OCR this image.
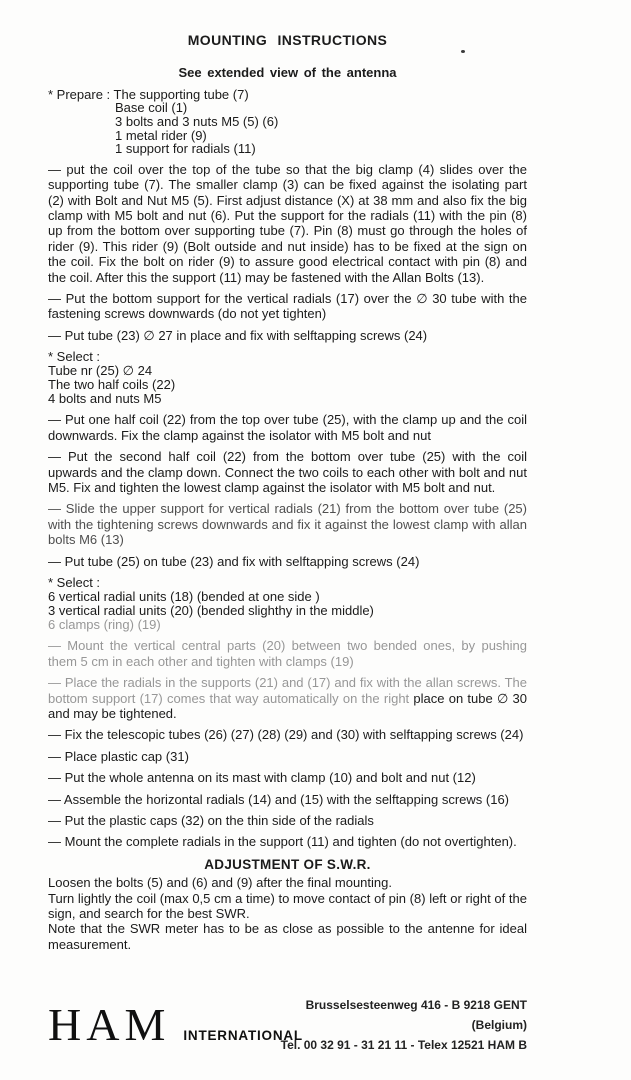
MOUNTING INSTRUCTIONS
See extended view of the antenna
* Prepare : The supporting tube (7)
Base coil (1)
3 bolts and 3 nuts M5 (5) (6)
1 metal rider (9)
1 support for radials (11)
— put the coil over the top of the tube so that the big clamp (4) slides over the supporting tube (7). The smaller clamp (3) can be fixed against the isolating part (2) with Bolt and Nut M5 (5). First adjust distance (X) at 38 mm and also fix the big clamp with M5 bolt and nut (6). Put the support for the radials (11) with the pin (8) up from the bottom over supporting tube (7). Pin (8) must go through the holes of rider (9). This rider (9) (Bolt outside and nut inside) has to be fixed at the sign on the coil. Fix the bolt on rider (9) to assure good electrical contact with pin (8) and the coil. After this the support (11) may be fastened with the Allan Bolts (13).
— Put the bottom support for the vertical radials (17) over the ∅ 30 tube with the fastening screws downwards (do not yet tighten)
— Put tube (23) ∅ 27 in place and fix with selftapping screws (24)
* Select :
Tube nr (25) ∅ 24
The two half coils (22)
4 bolts and nuts M5
— Put one half coil (22) from the top over tube (25), with the clamp up and the coil downwards. Fix the clamp against the isolator with M5 bolt and nut
— Put the second half coil (22) from the bottom over tube (25) with the coil upwards and the clamp down. Connect the two coils to each other with bolt and nut M5. Fix and tighten the lowest clamp against the isolator with M5 bolt and nut.
— Slide the upper support for vertical radials (21) from the bottom over tube (25) with the tightening screws downwards and fix it against the lowest clamp with allan bolts M6 (13)
— Put tube (25) on tube (23) and fix with selftapping screws (24)
* Select :
6 vertical radial units (18) (bended at one side )
3 vertical radial units (20) (bended slighthy in the middle)
6 clamps (ring) (19)
— Mount the vertical central parts (20) between two bended ones, by pushing them 5 cm in each other and tighten with clamps (19)
— Place the radials in the supports (21) and (17) and fix with the allan screws. The bottom support (17) comes that way automatically on the right place on tube ∅ 30 and may be tightened.
— Fix the telescopic tubes (26) (27) (28) (29) and (30) with selftapping screws (24)
— Place plastic cap (31)
— Put the whole antenna on its mast with clamp (10) and bolt and nut (12)
— Assemble the horizontal radials (14) and (15) with the selftapping screws (16)
— Put the plastic caps (32) on the thin side of the radials
— Mount the complete radials in the support (11) and tighten (do not overtighten).
ADJUSTMENT OF S.W.R.
Loosen the bolts (5) and (6) and (9) after the final mounting.
Turn lightly the coil (max 0,5 cm a time) to move contact of pin (8) left or right of the sign, and search for the best SWR.
Note that the SWR meter has to be as close as possible to the antenne for ideal measurement.
HAM INTERNATIONAL
Brusselsesteenweg 416 - B 9218 GENT
(Belgium)
Tel. 00 32 91 - 31 21 11 - Telex 12521 HAM B
